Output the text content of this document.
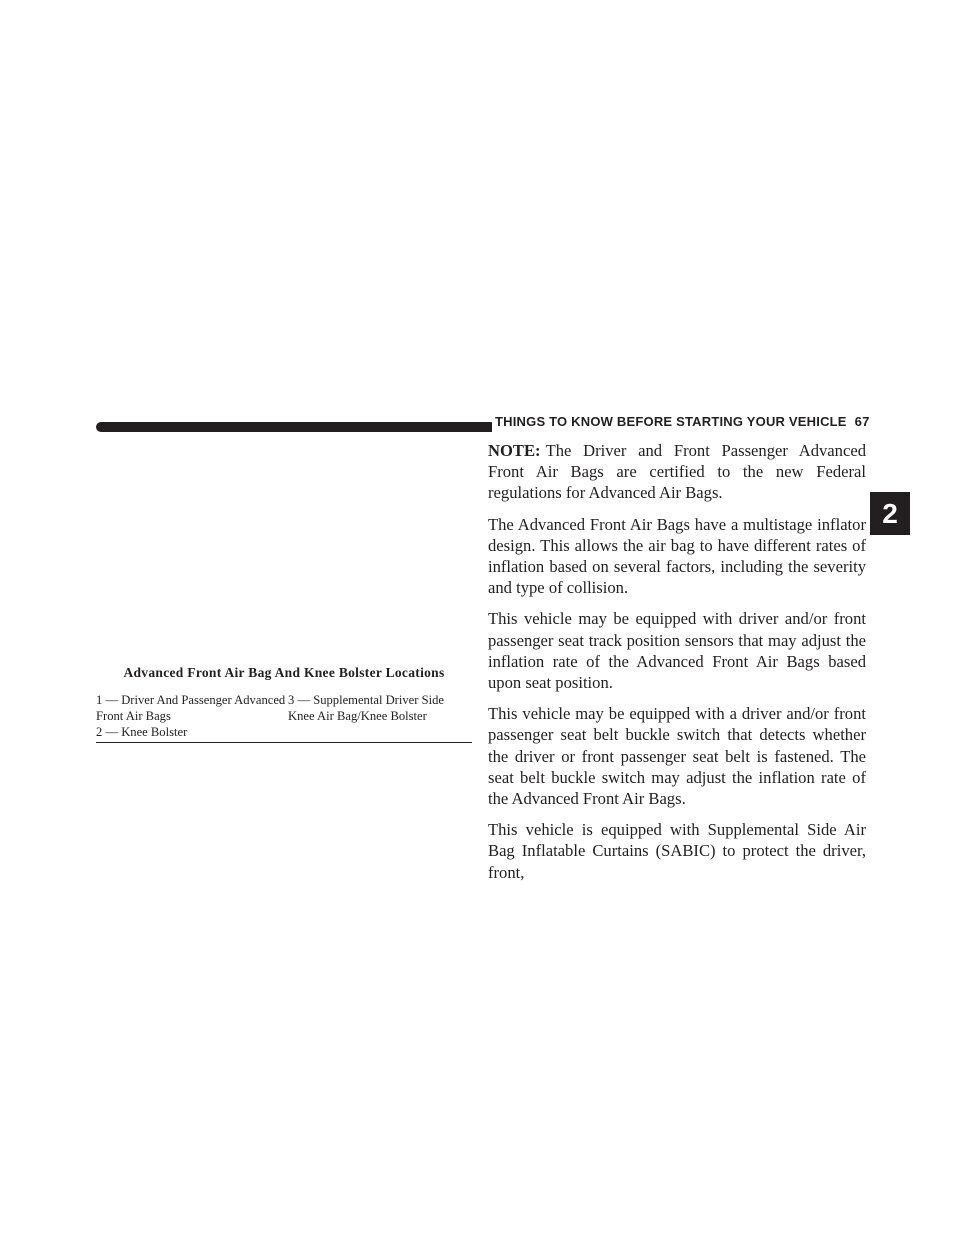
THINGS TO KNOW BEFORE STARTING YOUR VEHICLE 67
2
Advanced Front Air Bag And Knee Bolster Locations
1 — Driver And Passenger Advanced Front Air Bags
2 — Knee Bolster
3 — Supplemental Driver Side Knee Air Bag/Knee Bolster

NOTE: The Driver and Front Passenger Advanced Front Air Bags are certified to the new Federal regulations for Advanced Air Bags.

The Advanced Front Air Bags have a multistage inflator design. This allows the air bag to have different rates of inflation based on several factors, including the severity and type of collision.

This vehicle may be equipped with driver and/or front passenger seat track position sensors that may adjust the inflation rate of the Advanced Front Air Bags based upon seat position.

This vehicle may be equipped with a driver and/or front passenger seat belt buckle switch that detects whether the driver or front passenger seat belt is fastened. The seat belt buckle switch may adjust the inflation rate of the Advanced Front Air Bags.

This vehicle is equipped with Supplemental Side Air Bag Inflatable Curtains (SABIC) to protect the driver, front,
